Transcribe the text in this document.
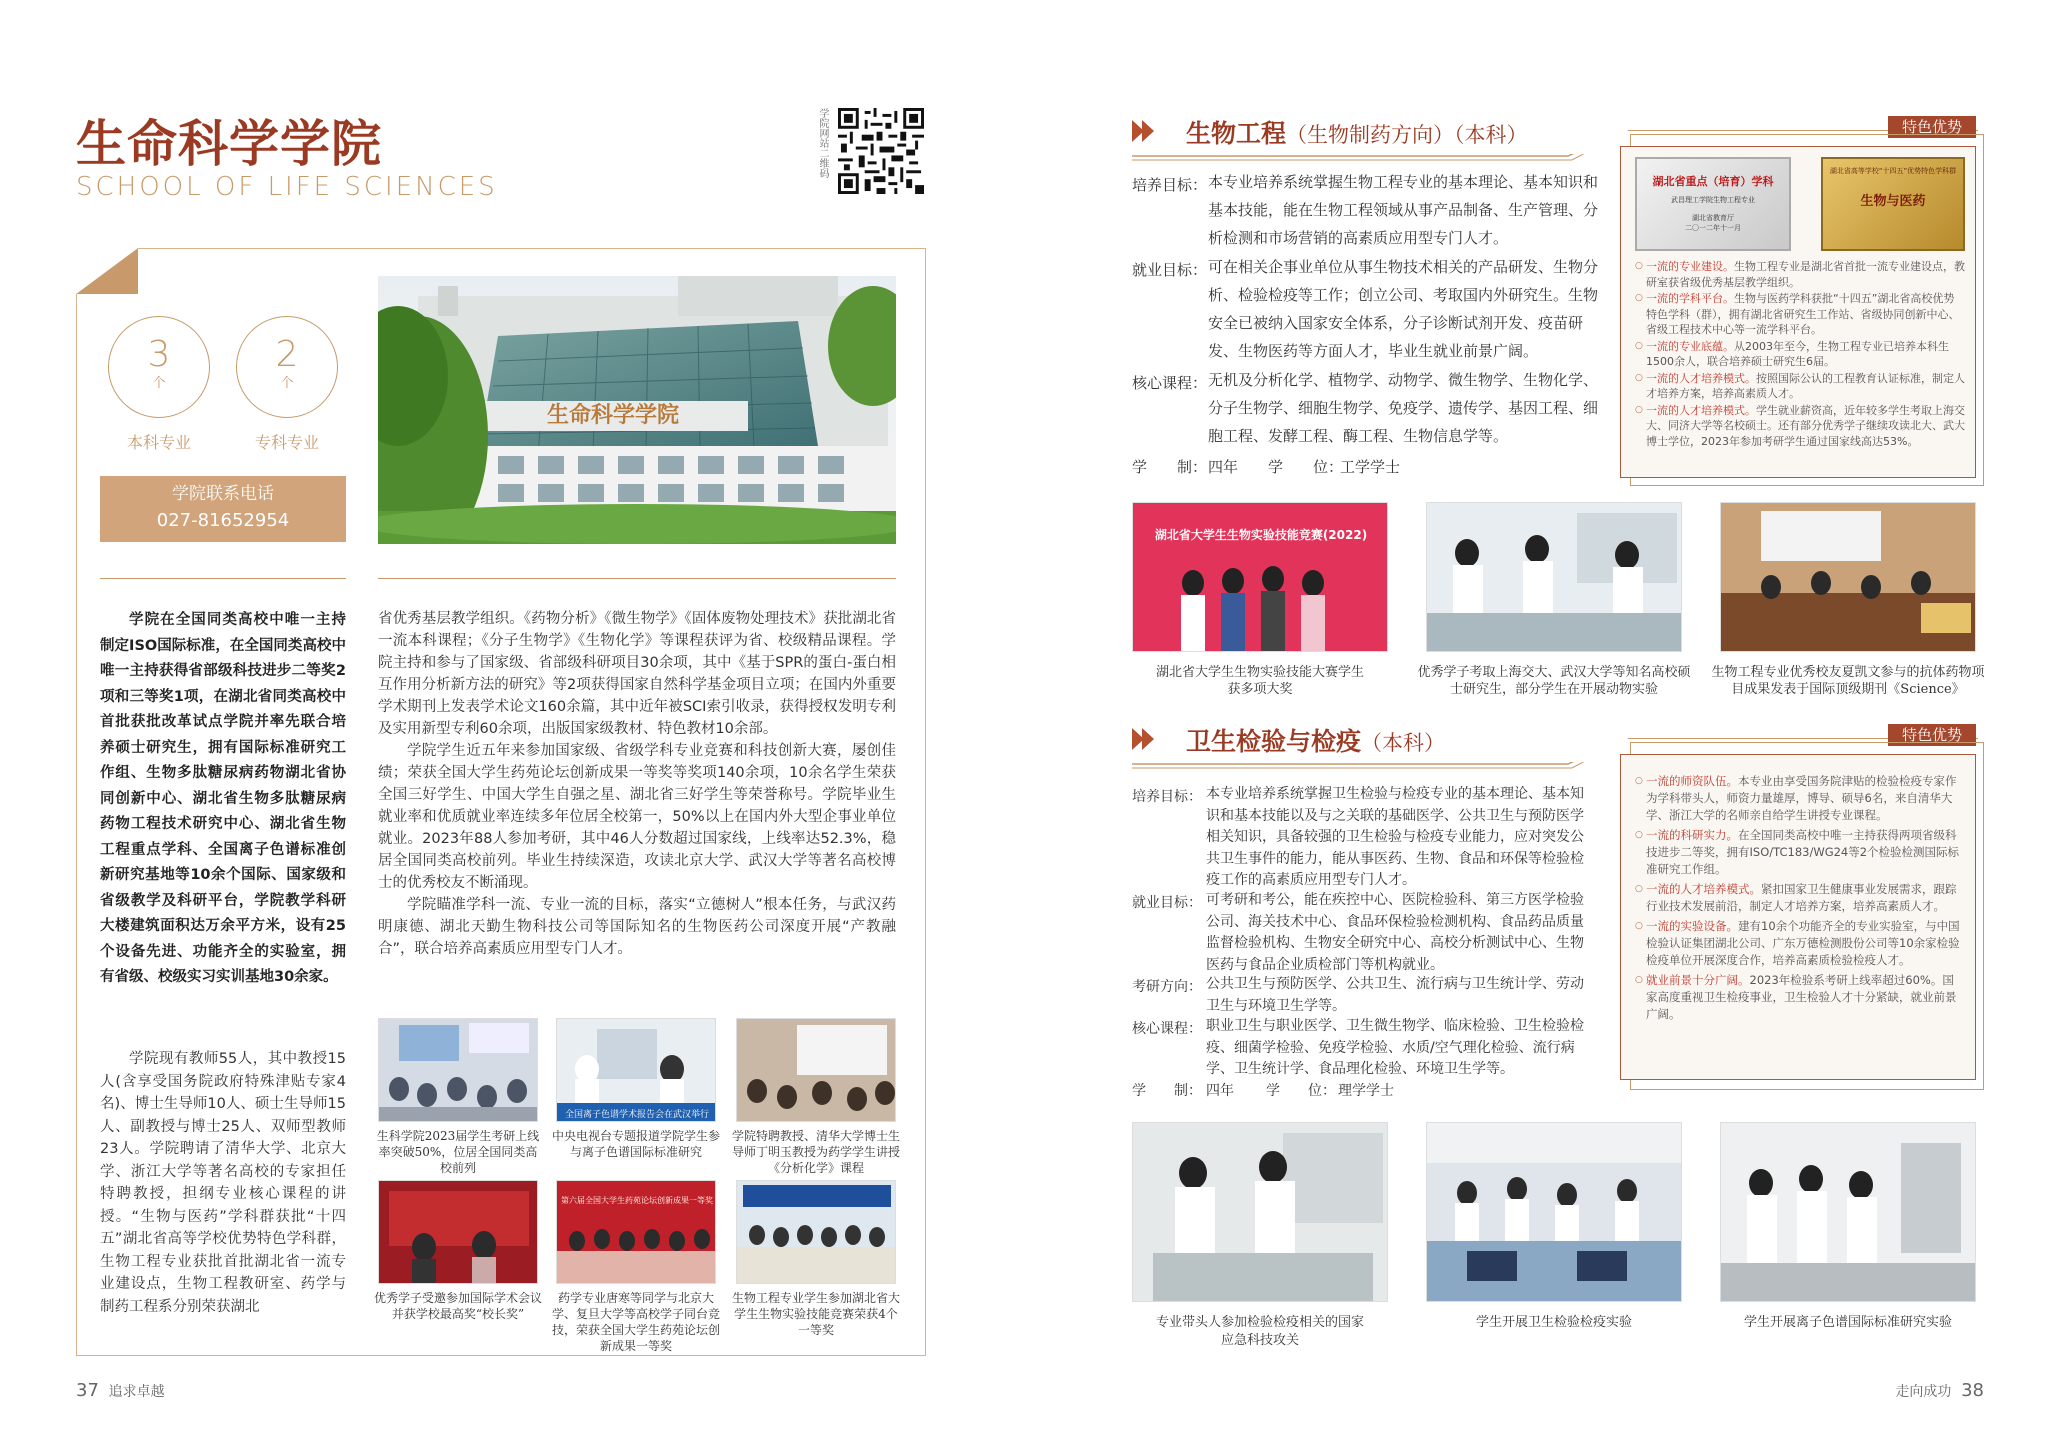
生命科学学院
SCHOOL OF LIFE SCIENCES
学院网站二维码
3
个
本科专业
2
个
专科专业
学院联系电话
027-81652954
生命科学学院
学院在全国同类高校中唯一主持制定ISO国际标准，在全国同类高校中唯一主持获得省部级科技进步二等奖2项和三等奖1项，在湖北省同类高校中首批获批改革试点学院并率先联合培养硕士研究生，拥有国际标准研究工作组、生物多肽糖尿病药物湖北省协同创新中心、湖北省生物多肽糖尿病药物工程技术研究中心、湖北省生物工程重点学科、全国离子色谱标准创新研究基地等10余个国际、国家级和省级教学及科研平台，学院教学科研大楼建筑面积达万余平方米，设有25个设备先进、功能齐全的实验室，拥有省级、校级实习实训基地30余家。
学院现有教师55人，其中教授15人(含享受国务院政府特殊津贴专家4名)、博士生导师10人、硕士生导师15人、副教授与博士25人、双师型教师23人。学院聘请了清华大学、北京大学、浙江大学等著名高校的专家担任特聘教授，担纲专业核心课程的讲授。“生物与医药”学科群获批“十四五”湖北省高等学校优势特色学科群，生物工程专业获批首批湖北省一流专业建设点，生物工程教研室、药学与制药工程系分别荣获湖北

省优秀基层教学组织。《药物分析》《微生物学》《固体废物处理技术》获批湖北省一流本科课程；《分子生物学》《生物化学》等课程获评为省、校级精品课程。学院主持和参与了国家级、省部级科研项目30余项，其中《基于SPR的蛋白-蛋白相互作用分析新方法的研究》等2项获得国家自然科学基金项目立项；在国内外重要学术期刊上发表学术论文160余篇，其中近年被SCI索引收录，获得授权发明专利及实用新型专利60余项，出版国家级教材、特色教材10余部。

学院学生近五年来参加国家级、省级学科专业竞赛和科技创新大赛，屡创佳绩；荣获全国大学生药苑论坛创新成果一等奖等奖项140余项，10余名学生荣获全国三好学生、中国大学生自强之星、湖北省三好学生等荣誉称号。学院毕业生就业率和优质就业率连续多年位居全校第一，50%以上在国内外大型企事业单位就业。2023年88人参加考研，其中46人分数超过国家线，上线率达52.3%，稳居全国同类高校前列。毕业生持续深造，攻读北京大学、武汉大学等著名高校博士的优秀校友不断涌现。

学院瞄准学科一流、专业一流的目标，落实“立德树人”根本任务，与武汉药明康德、湖北天勤生物科技公司等国际知名的生物医药公司深度开展“产教融合”，联合培养高素质应用型专门人才。

全国离子色谱学术报告会在武汉举行
生科学院2023届学生考研上线率突破50%，位居全国同类高校前列
中央电视台专题报道学院学生参与离子色谱国际标准研究
学院特聘教授、清华大学博士生导师丁明玉教授为药学学生讲授《分析化学》课程
第六届全国大学生药苑论坛创新成果一等奖
优秀学子受邀参加国际学术会议并获学校最高奖“校长奖”
药学专业唐寒等同学与北京大学、复旦大学等高校学子同台竞技，荣获全国大学生药苑论坛创新成果一等奖
生物工程专业学生参加湖北省大学生生物实验技能竞赛荣获4个一等奖
37 追求卓越
生物工程（生物制药方向）（本科）
培养目标： 本专业培养系统掌握生物工程专业的基本理论、基本知识和基本技能，能在生物工程领域从事产品制备、生产管理、分析检测和市场营销的高素质应用型专门人才。
就业目标： 可在相关企事业单位从事生物技术相关的产品研发、生物分析、检验检疫等工作；创立公司、考取国内外研究生。生物安全已被纳入国家安全体系，分子诊断试剂开发、疫苗研发、生物医药等方面人才，毕业生就业前景广阔。
核心课程： 无机及分析化学、植物学、动物学、微生物学、生物化学、分子生物学、细胞生物学、免疫学、遗传学、基因工程、细胞工程、发酵工程、酶工程、生物信息学等。
学　　制： 四年 学　　位：
工学学士
特色优势
湖北省重点（培育）学科
武昌理工学院生物工程专业
湖北省教育厅
二〇一二年十一月
湖北省高等学校“十四五”优势特色学科群
生物与医药
○ 一流的专业建设。生物工程专业是湖北省首批一流专业建设点，教研室获省级优秀基层教学组织。
○ 一流的学科平台。生物与医药学科获批“十四五”湖北省高校优势特色学科（群），拥有湖北省研究生工作站、省级协同创新中心、省级工程技术中心等一流学科平台。
○ 一流的专业底蕴。从2003年至今，生物工程专业已培养本科生1500余人，联合培养硕士研究生6届。
○ 一流的人才培养模式。按照国际公认的工程教育认证标准，制定人才培养方案，培养高素质人才。
○ 一流的人才培养模式。学生就业薪资高，近年较多学生考取上海交大、同济大学等名校硕士。还有部分优秀学子继续攻读北大、武大博士学位，2023年参加考研学生通过国家线高达53%。
湖北省大学生生物实验技能竞赛(2022)
湖北省大学生生物实验技能大赛学生获多项大奖
优秀学子考取上海交大、武汉大学等知名高校硕士研究生，部分学生在开展动物实验
生物工程专业优秀校友夏凯文参与的抗体药物项目成果发表于国际顶级期刊《Science》
卫生检验与检疫（本科）
培养目标： 本专业培养系统掌握卫生检验与检疫专业的基本理论、基本知识和基本技能以及与之关联的基础医学、公共卫生与预防医学相关知识，具备较强的卫生检验与检疫专业能力，应对突发公共卫生事件的能力，能从事医药、生物、食品和环保等检验检疫工作的高素质应用型专门人才。
就业目标： 可考研和考公，能在疾控中心、医院检验科、第三方医学检验公司、海关技术中心、食品环保检验检测机构、食品药品质量监督检验机构、生物安全研究中心、高校分析测试中心、生物医药与食品企业质检部门等机构就业。
考研方向： 公共卫生与预防医学、公共卫生、流行病与卫生统计学、劳动卫生与环境卫生学等。
核心课程： 职业卫生与职业医学、卫生微生物学、临床检验、卫生检验检疫、细菌学检验、免疫学检验、水质/空气理化检验、流行病学、卫生统计学、食品理化检验、环境卫生学等。
学　　制： 四年 学　　位： 理学学士
特色优势
○ 一流的师资队伍。本专业由享受国务院津贴的检验检疫专家作为学科带头人，师资力量雄厚，博导、硕导6名，来自清华大学、浙江大学的名师亲自给学生讲授专业课程。
○ 一流的科研实力。在全国同类高校中唯一主持获得两项省级科技进步二等奖，拥有ISO/TC183/WG24等2个检验检测国际标准研究工作组。
○ 一流的人才培养模式。紧扣国家卫生健康事业发展需求，跟踪行业技术发展前沿，制定人才培养方案，培养高素质人才。
○ 一流的实验设备。建有10余个功能齐全的专业实验室，与中国检验认证集团湖北公司、广东万德检测股份公司等10余家检验检疫单位开展深度合作，培养高素质检验检疫人才。
○ 就业前景十分广阔。2023年检验系考研上线率超过60%。国家高度重视卫生检疫事业，卫生检验人才十分紧缺，就业前景广阔。
专业带头人参加检验检疫相关的国家应急科技攻关
学生开展卫生检验检疫实验	学生开展离子色谱国际标准研究实验
走向成功 38
